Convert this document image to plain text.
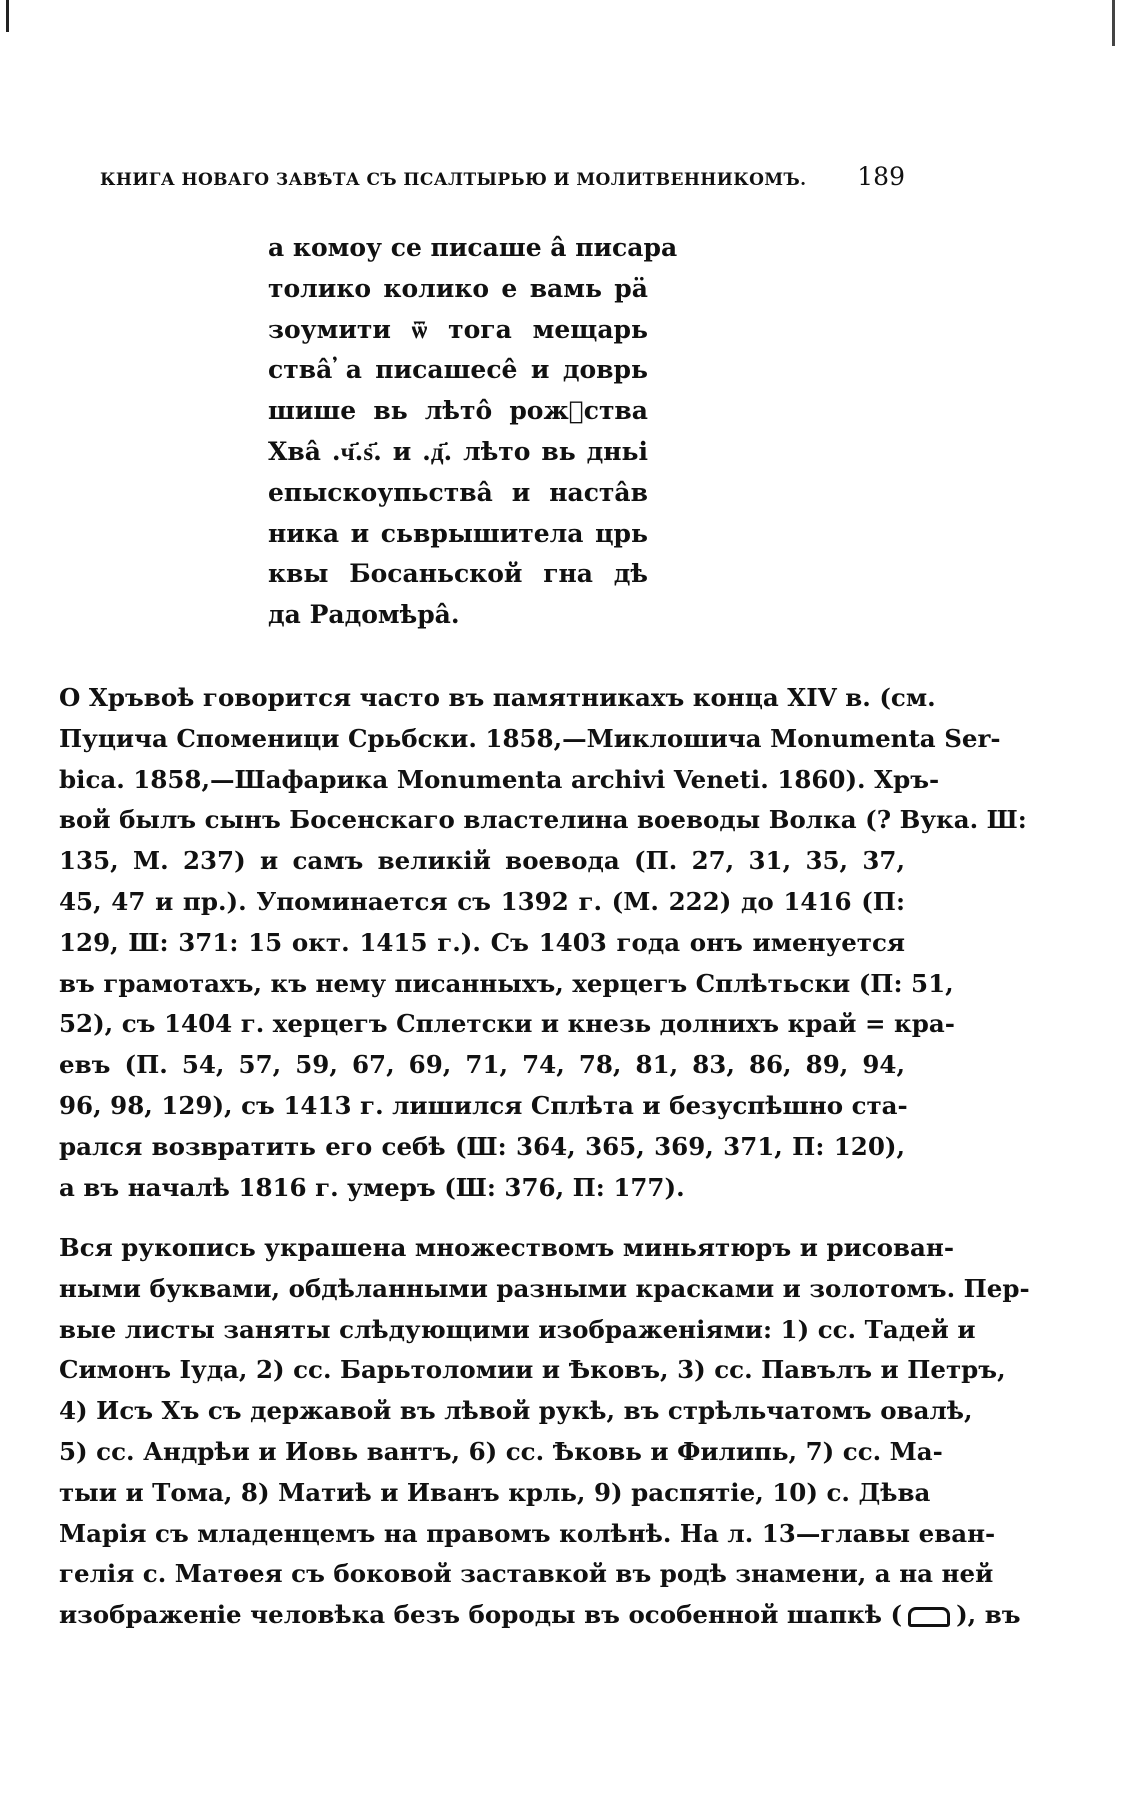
КНИГА НОВАГО ЗАВѢТА СЪ ПСАЛТЫРЬЮ И МОЛИТВЕННИКОМЪ. 189
а комоу се писаше а̂ писара
толико колико е вамь рӓ
зоумити ѿ тога мещарь
ства̂ ̓а писашесе̂ и доврь
шише вь лѣто̂ рожⷣства
Хва̂ .ч҃.ѕ҃. и .д҃. лѣто вь дньі
епыскоупьства̂ и наста̂в
ника и сьврышитела црь
квы Босаньской гна дѣ
да Радомѣра̂.
О Хръвоѣ говорится часто въ памятникахъ конца XIV в. (см.
Пуцича Споменици Срьбски. 1858,—Миклошича Monumenta Ser-
bica. 1858,—Шафарика Monumenta archivi Veneti. 1860). Хръ-
вой былъ сынъ Босенскаго властелина воеводы Волка (? Вука. Ш:
135, М. 237) и самъ великій воевода (П. 27, 31, 35, 37,
45, 47 и пр.). Упоминается съ 1392 г. (М. 222) до 1416 (П:
129, Ш: 371: 15 окт. 1415 г.). Съ 1403 года онъ именуется
въ грамотахъ, къ нему писанныхъ, херцегъ Сплѣтьски (П: 51,
52), съ 1404 г. херцегъ Сплетски и кнезь долнихъ край = кра-
евъ (П. 54, 57, 59, 67, 69, 71, 74, 78, 81, 83, 86, 89, 94,
96, 98, 129), съ 1413 г. лишился Сплѣта и безуспѣшно ста-
рался возвратить его себѣ (Ш: 364, 365, 369, 371, П: 120),
а въ началѣ 1816 г. умеръ (Ш: 376, П: 177).
Вся рукопись украшена множествомъ миньятюръ и рисован-
ными буквами, обдѣланными разными красками и золотомъ. Пер-
вые листы заняты слѣдующими изображеніями: 1) сс. Тадей и
Симонъ Іуда, 2) сс. Барьтоломии и Ѣковъ, 3) сс. Павълъ и Петръ,
4) Исъ Хъ съ державой въ лѣвой рукѣ, въ стрѣльчатомъ овалѣ,
5) сс. Андрѣи и Иовь вантъ, 6) сс. Ѣковь и Филипь, 7) сс. Ма-
тыи и Тома, 8) Матиѣ и Иванъ крль, 9) распятіе, 10) с. Дѣва
Марія съ младенцемъ на правомъ колѣнѣ. На л. 13—главы еван-
гелія с. Матѳея съ боковой заставкой въ родѣ знамени, а на ней
изображеніе человѣка безъ бороды въ особенной шапкѣ ( ), въ
